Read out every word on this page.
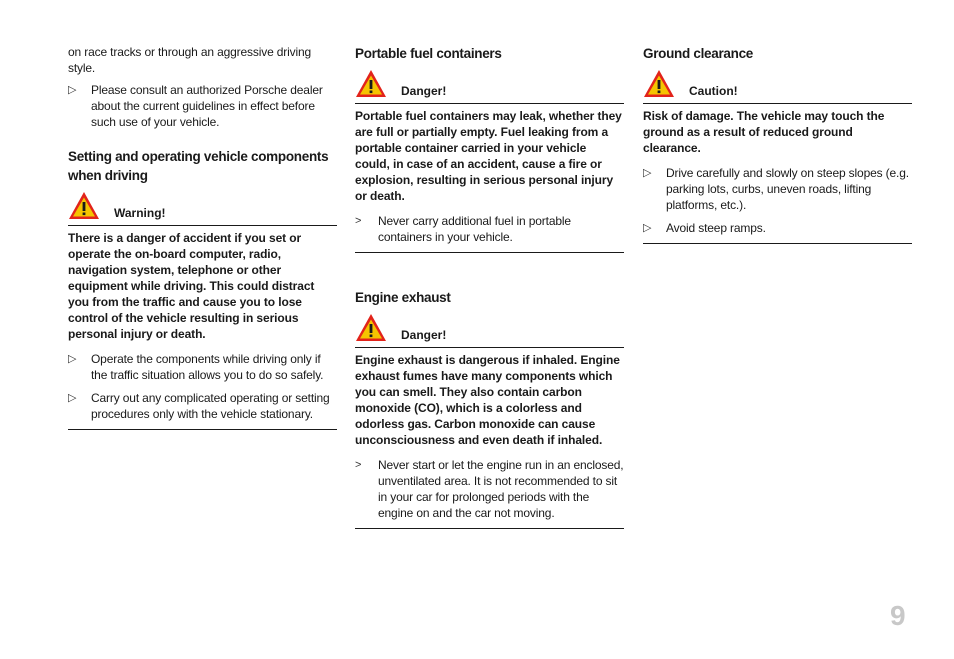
on race tracks or through an aggressive driving style.

▷ Please consult an authorized Porsche dealer about the current guidelines in effect before such use of your vehicle.
Setting and operating vehicle components when driving
Warning!

There is a danger of accident if you set or operate the on-board computer, radio, navigation system, telephone or other equipment while driving. This could distract you from the traffic and cause you to lose control of the vehicle resulting in serious personal injury or death.

▷ Operate the components while driving only if the traffic situation allows you to do so safely.
▷ Carry out any complicated operating or setting procedures only with the vehicle stationary.
Portable fuel containers
Danger!

Portable fuel containers may leak, whether they are full or partially empty. Fuel leaking from a portable container carried in your vehicle could, in case of an accident, cause a fire or explosion, resulting in serious personal injury or death.

> Never carry additional fuel in portable containers in your vehicle.
Engine exhaust
Danger!

Engine exhaust is dangerous if inhaled. Engine exhaust fumes have many components which you can smell. They also contain carbon monoxide (CO), which is a colorless and odorless gas. Carbon monoxide can cause unconsciousness and even death if inhaled.

> Never start or let the engine run in an enclosed, unventilated area. It is not recommended to sit in your car for prolonged periods with the engine on and the car not moving.
Ground clearance
Caution!

Risk of damage. The vehicle may touch the ground as a result of reduced ground clearance.

▷ Drive carefully and slowly on steep slopes (e.g. parking lots, curbs, uneven roads, lifting platforms, etc.).
▷ Avoid steep ramps.
9
